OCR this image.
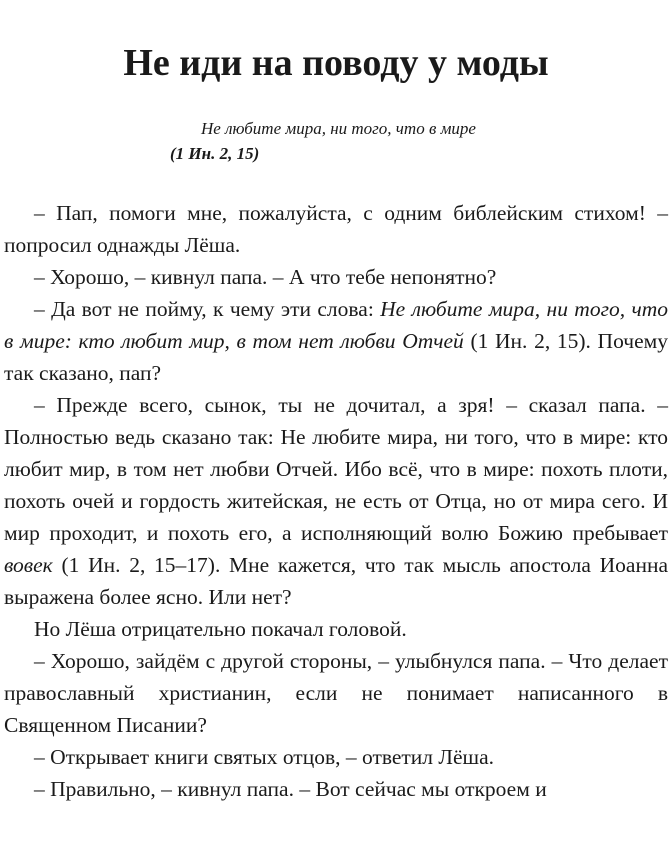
Не иди на поводу у моды
Не любите мира, ни того, что в мире
(1 Ин. 2, 15)

– Пап, помоги мне, пожалуйста, с одним библейским стихом! – попросил однажды Лёша.

– Хорошо, – кивнул папа. – А что тебе непонятно?

– Да вот не пойму, к чему эти слова: Не любите мира, ни того, что в мире: кто любит мир, в том нет любви Отчей (1 Ин. 2, 15). Почему так сказано, пап?

– Прежде всего, сынок, ты не дочитал, а зря! – сказал папа. – Полностью ведь сказано так: Не любите мира, ни того, что в мире: кто любит мир, в том нет любви Отчей. Ибо всё, что в мире: похоть плоти, похоть очей и гордость житейская, не есть от Отца, но от мира сего. И мир проходит, и похоть его, а исполняющий волю Божию пребывает вовек (1 Ин. 2, 15–17). Мне кажется, что так мысль апостола Иоанна выражена более ясно. Или нет?

Но Лёша отрицательно покачал головой.

– Хорошо, зайдём с другой стороны, – улыбнулся папа. – Что делает православный христианин, если не понимает написанного в Священном Писании?

– Открывает книги святых отцов, – ответил Лёша.

– Правильно, – кивнул папа. – Вот сейчас мы откроем и
